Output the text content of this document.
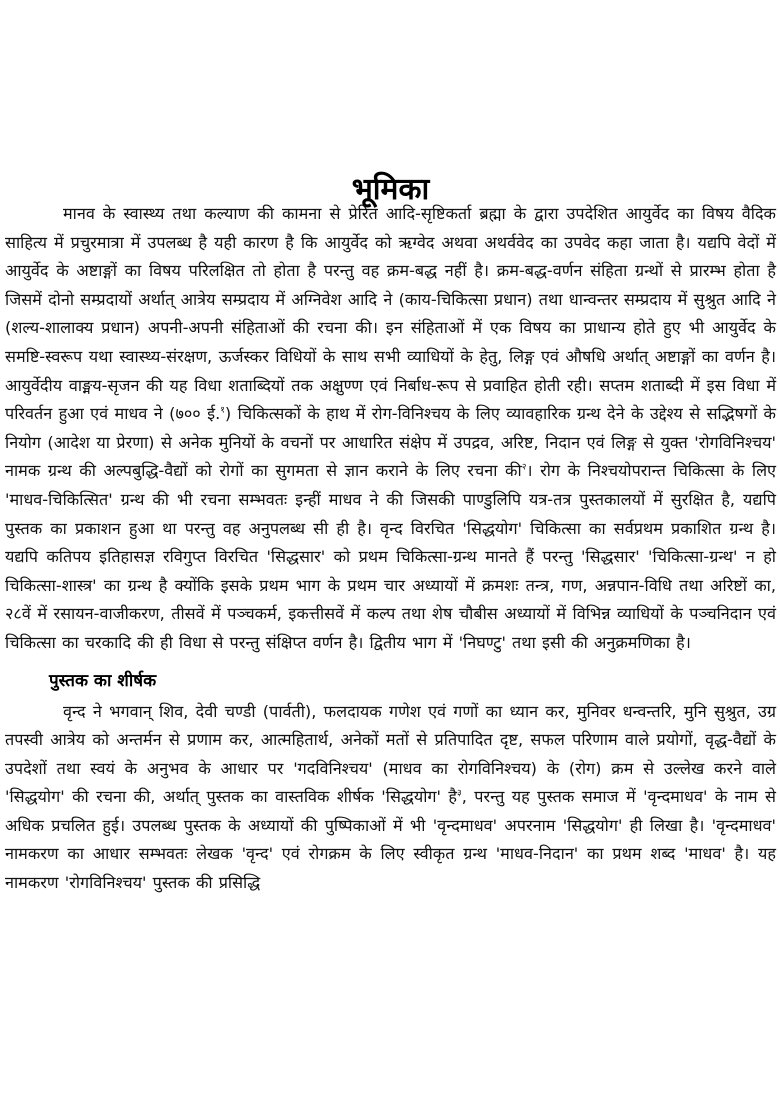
भूमिका

मानव के स्वास्थ्य तथा कल्याण की कामना से प्रेरित आदि-सृष्टिकर्ता ब्रह्मा के द्वारा उपदेशित आयुर्वेद का विषय वैदिक साहित्य में प्रचुरमात्रा में उपलब्ध है यही कारण है कि आयुर्वेद को ऋग्वेद अथवा अथर्ववेद का उपवेद कहा जाता है। यद्यपि वेदों में आयुर्वेद के अष्टाङ्गों का विषय परिलक्षित तो होता है परन्तु वह क्रम-बद्ध नहीं है। क्रम-बद्ध-वर्णन संहिता ग्रन्थों से प्रारम्भ होता है जिसमें दोनो सम्प्रदायों अर्थात् आत्रेय सम्प्रदाय में अग्निवेश आदि ने (काय-चिकित्सा प्रधान) तथा धान्वन्तर सम्प्रदाय में सुश्रुत आदि ने (शल्य-शालाक्य प्रधान) अपनी-अपनी संहिताओं की रचना की। इन संहिताओं में एक विषय का प्राधान्य होते हुए भी आयुर्वेद के समष्टि-स्वरूप यथा स्वास्थ्य-संरक्षण, ऊर्जस्कर विधियों के साथ सभी व्याधियों के हेतु, लिङ्ग एवं औषधि अर्थात् अष्टाङ्गों का वर्णन है। आयुर्वेदीय वाङ्मय-सृजन की यह विधा शताब्दियों तक अक्षुण्ण एवं निर्बाध-रूप से प्रवाहित होती रही। सप्तम शताब्दी में इस विधा में परिवर्तन हुआ एवं माधव ने (७०० ई.$^१$) चिकित्सकों के हाथ में रोग-विनिश्चय के लिए व्यावहारिक ग्रन्थ देने के उद्देश्य से सद्भिषगों के नियोग (आदेश या प्रेरणा) से अनेक मुनियों के वचनों पर आधारित संक्षेप में उपद्रव, अरिष्ट, निदान एवं लिङ्ग से युक्त 'रोगविनिश्चय' नामक ग्रन्थ की अल्पबुद्धि-वैद्यों को रोगों का सुगमता से ज्ञान कराने के लिए रचना की$^२$। रोग के निश्चयोपरान्त चिकित्सा के लिए 'माधव-चिकित्सित' ग्रन्थ की भी रचना सम्भवतः इन्हीं माधव ने की जिसकी पाण्डुलिपि यत्र-तत्र पुस्तकालयों में सुरक्षित है, यद्यपि पुस्तक का प्रकाशन हुआ था परन्तु वह अनुपलब्ध सी ही है। वृन्द विरचित 'सिद्धयोग' चिकित्सा का सर्वप्रथम प्रकाशित ग्रन्थ है। यद्यपि कतिपय इतिहासज्ञ रविगुप्त विरचित 'सिद्धसार' को प्रथम चिकित्सा-ग्रन्थ मानते हैं परन्तु 'सिद्धसार' 'चिकित्सा-ग्रन्थ' न हो चिकित्सा-शास्त्र' का ग्रन्थ है क्योंकि इसके प्रथम भाग के प्रथम चार अध्यायों में क्रमशः तन्त्र, गण, अन्नपान-विधि तथा अरिष्टों का, २८वें में रसायन-वाजीकरण, तीसवें में पञ्चकर्म, इकत्तीसवें में कल्प तथा शेष चौबीस अध्यायों में विभिन्न व्याधियों के पञ्चनिदान एवं चिकित्सा का चरकादि की ही विधा से परन्तु संक्षिप्त वर्णन है। द्वितीय भाग में 'निघण्टु' तथा इसी की अनुक्रमणिका है।

पुस्तक का शीर्षक

वृन्द ने भगवान् शिव, देवी चण्डी (पार्वती), फलदायक गणेश एवं गणों का ध्यान कर, मुनिवर धन्वन्तरि, मुनि सुश्रुत, उग्र तपस्वी आत्रेय को अन्तर्मन से प्रणाम कर, आत्महितार्थ, अनेकों मतों से प्रतिपादित दृष्ट, सफल परिणाम वाले प्रयोगों, वृद्ध-वैद्यों के उपदेशों तथा स्वयं के अनुभव के आधार पर 'गदविनिश्चय' (माधव का रोगविनिश्चय) के (रोग) क्रम से उल्लेख करने वाले 'सिद्धयोग' की रचना की, अर्थात् पुस्तक का वास्तविक शीर्षक 'सिद्धयोग' है$^३$, परन्तु यह पुस्तक समाज में 'वृन्दमाधव' के नाम से अधिक प्रचलित हुई। उपलब्ध पुस्तक के अध्यायों की पुष्पिकाओं में भी 'वृन्दमाधव' अपरनाम 'सिद्धयोग' ही लिखा है। 'वृन्दमाधव' नामकरण का आधार सम्भवतः लेखक 'वृन्द' एवं रोगक्रम के लिए स्वीकृत ग्रन्थ 'माधव-निदान' का प्रथम शब्द 'माधव' है। यह नामकरण 'रोगविनिश्चय' पुस्तक की प्रसिद्धि
